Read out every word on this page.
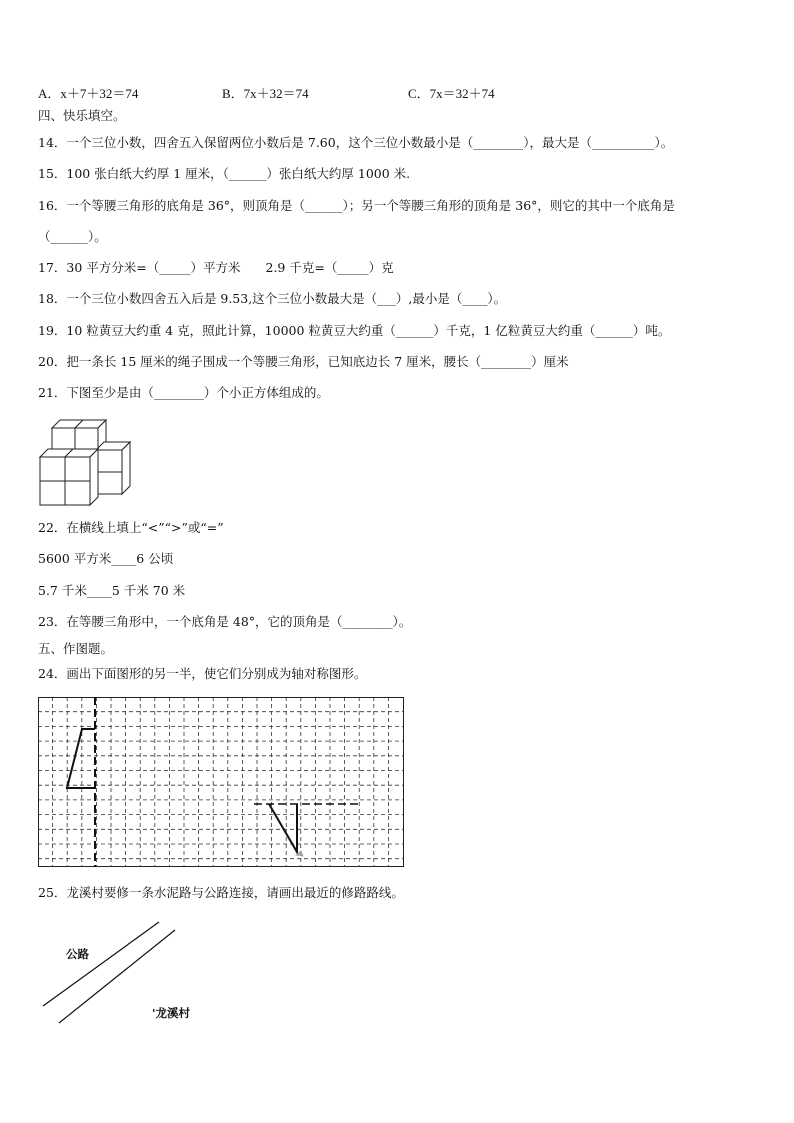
A．x＋7＋32＝74	B．7x＋32＝74	C．7x＝32＋74
四、快乐填空。
14．一个三位小数，四舍五入保留两位小数后是 7.60，这个三位小数最小是（________），最大是（__________）。
15．100 张白纸大约厚 1 厘米，（______）张白纸大约厚 1000 米.
16．一个等腰三角形的底角是 36°，则顶角是（______）；另一个等腰三角形的顶角是 36°，则它的其中一个底角是
（______）。
17．30 平方分米=（_____）平方米　　2.9 千克=（_____）克
18．一个三位小数四舍五入后是 9.53,这个三位小数最大是（___）,最小是（____）。
19．10 粒黄豆大约重 4 克，照此计算，10000 粒黄豆大约重（______）千克，1 亿粒黄豆大约重（______）吨。
20．把一条长 15 厘米的绳子围成一个等腰三角形，已知底边长 7 厘米，腰长（________）厘米
21．下图至少是由（________）个小正方体组成的。
22．在横线上填上“<”“>”或“=”
5600 平方米____6 公顷
5.7 千米____5 千米 70 米
23．在等腰三角形中，一个底角是 48°，它的顶角是（________）。
五、作图题。
24．画出下面图形的另一半，使它们分别成为轴对称图形。
25．龙溪村要修一条水泥路与公路连接，请画出最近的修路路线。
公路
'龙溪村
